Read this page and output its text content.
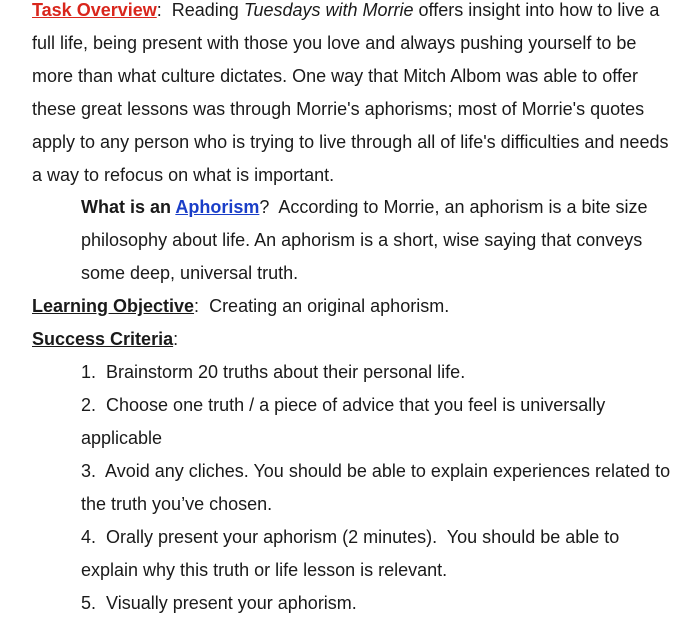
Task Overview:  Reading Tuesdays with Morrie offers insight into how to live a full life, being present with those you love and always pushing yourself to be more than what culture dictates. One way that Mitch Albom was able to offer these great lessons was through Morrie's aphorisms; most of Morrie's quotes apply to any person who is trying to live through all of life's difficulties and needs a way to refocus on what is important.

What is an Aphorism?  According to Morrie, an aphorism is a bite size philosophy about life. An aphorism is a short, wise saying that conveys some deep, universal truth.

Learning Objective:  Creating an original aphorism.

Success Criteria:

1.  Brainstorm 20 truths about their personal life.
2.  Choose one truth / a piece of advice that you feel is universally applicable
3.  Avoid any cliches. You should be able to explain experiences related to  the truth you’ve chosen.
4.  Orally present your aphorism (2 minutes).  You should be able to explain why this truth or life lesson is relevant.
5.  Visually present your aphorism.
